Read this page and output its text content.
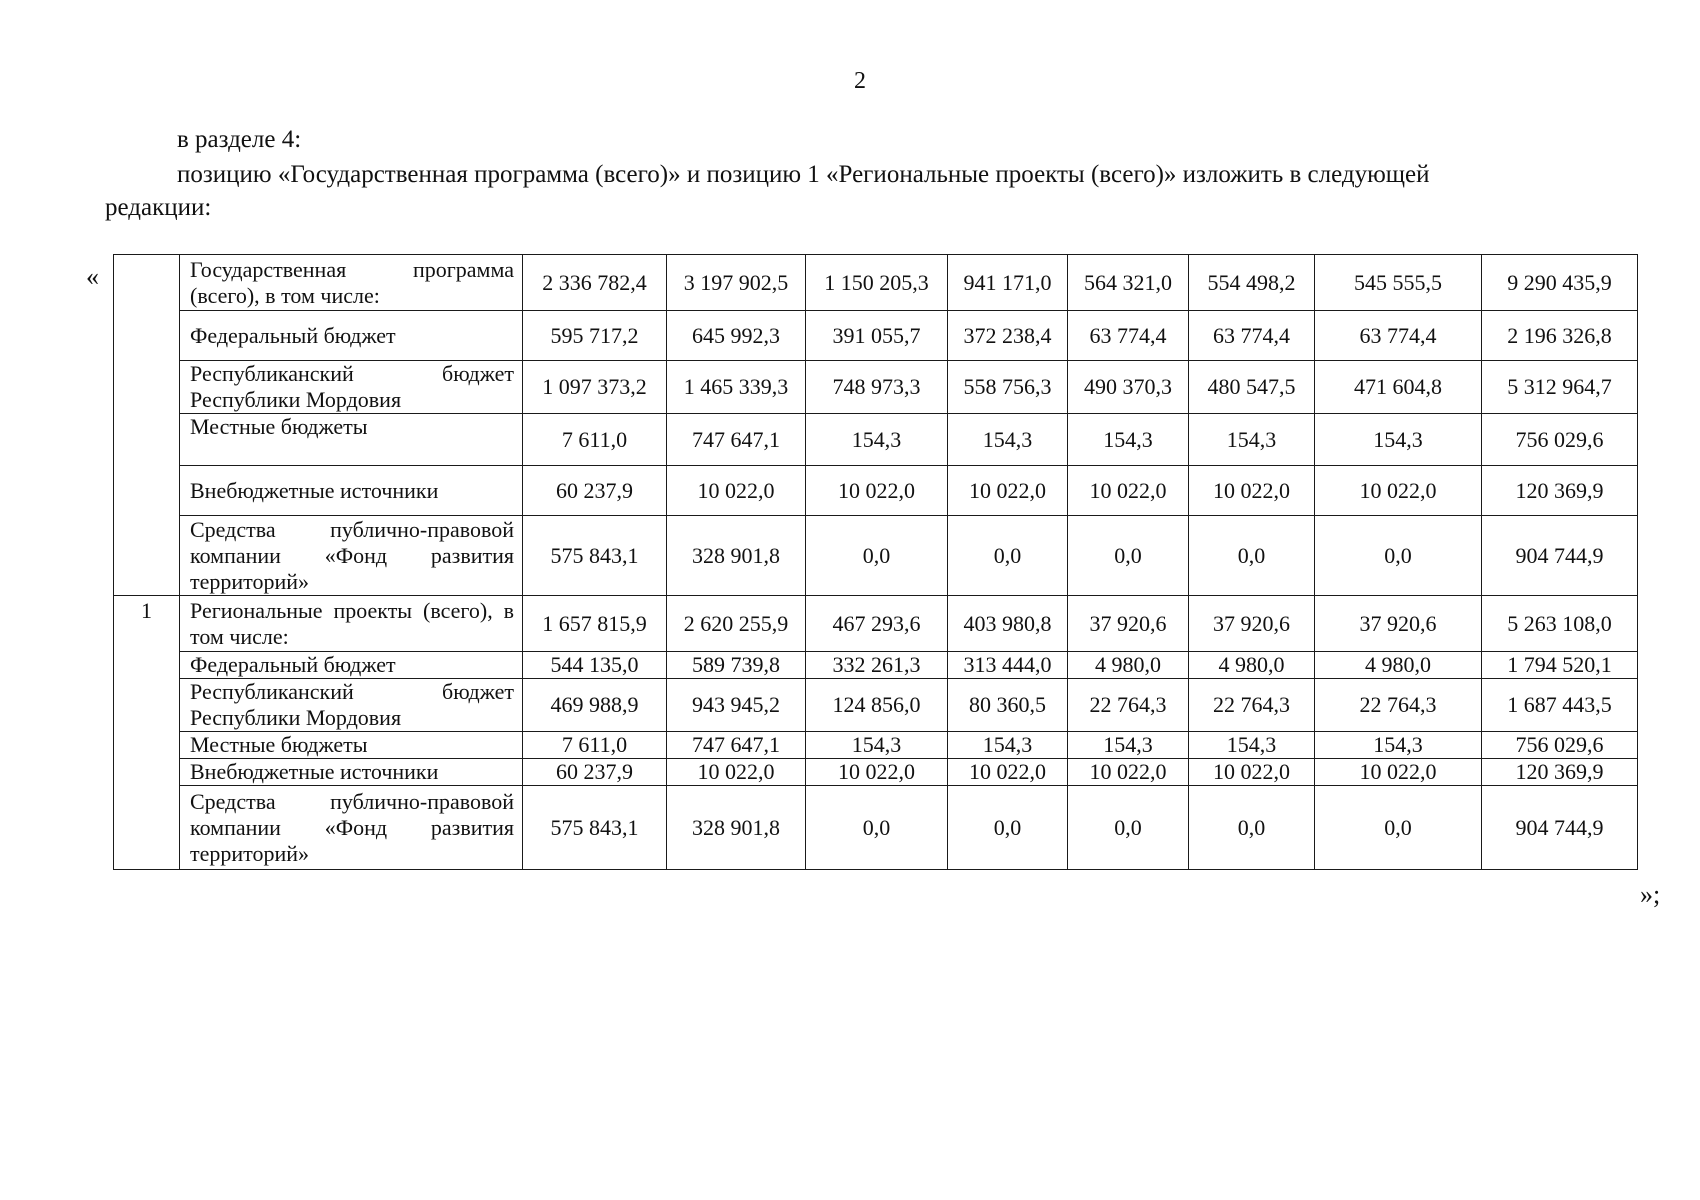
2
в разделе 4:
позицию «Государственная программа (всего)» и позицию 1 «Региональные проекты (всего)» изложить в следующей
редакции:
«
»;
	Государственная программа (всего), в том числе:	2 336 782,4	3 197 902,5	1 150 205,3	941 171,0	564 321,0	554 498,2	545 555,5	9 290 435,9
	Федеральный бюджет	595 717,2	645 992,3	391 055,7	372 238,4	63 774,4	63 774,4	63 774,4	2 196 326,8
	Республиканский бюджет Республики Мордовия	1 097 373,2	1 465 339,3	748 973,3	558 756,3	490 370,3	480 547,5	471 604,8	5 312 964,7
	Местные бюджеты	7 611,0	747 647,1	154,3	154,3	154,3	154,3	154,3	756 029,6
	Внебюджетные источники	60 237,9	10 022,0	10 022,0	10 022,0	10 022,0	10 022,0	10 022,0	120 369,9
	Средства публично-правовой компании «Фонд развития территорий»	575 843,1	328 901,8	0,0	0,0	0,0	0,0	0,0	904 744,9
1	Региональные проекты (всего), в том числе:	1 657 815,9	2 620 255,9	467 293,6	403 980,8	37 920,6	37 920,6	37 920,6	5 263 108,0
	Федеральный бюджет	544 135,0	589 739,8	332 261,3	313 444,0	4 980,0	4 980,0	4 980,0	1 794 520,1
	Республиканский бюджет Республики Мордовия	469 988,9	943 945,2	124 856,0	80 360,5	22 764,3	22 764,3	22 764,3	1 687 443,5
	Местные бюджеты	7 611,0	747 647,1	154,3	154,3	154,3	154,3	154,3	756 029,6
	Внебюджетные источники	60 237,9	10 022,0	10 022,0	10 022,0	10 022,0	10 022,0	10 022,0	120 369,9
	Средства публично-правовой компании «Фонд развития территорий»	575 843,1	328 901,8	0,0	0,0	0,0	0,0	0,0	904 744,9
